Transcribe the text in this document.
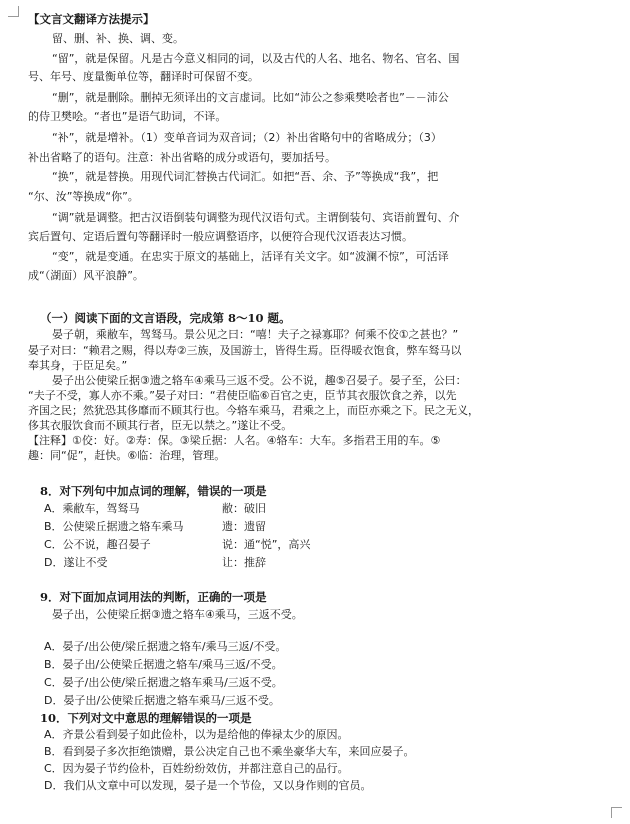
【文言文翻译方法提示】
留、删、补、换、调、变。
“留”，就是保留。凡是古今意义相同的词，以及古代的人名、地名、物名、官名、国
号、年号、度量衡单位等，翻译时可保留不变。
“删”，就是删除。删掉无须译出的文言虚词。比如“沛公之参乘樊哙者也”－－沛公
的侍卫樊哙。“者也”是语气助词，不译。
“补”，就是增补。（1）变单音词为双音词；（2）补出省略句中的省略成分；（3）
补出省略了的语句。注意：补出省略的成分或语句，要加括号。
“换”，就是替换。用现代词汇替换古代词汇。如把“吾、余、予”等换成“我”，把
“尔、汝”等换成“你”。
“调”就是调整。把古汉语倒装句调整为现代汉语句式。主谓倒装句、宾语前置句、介
宾后置句、定语后置句等翻译时一般应调整语序，以便符合现代汉语表达习惯。
“变”，就是变通。在忠实于原文的基础上，活译有关文字。如“波澜不惊”，可活译
成“（湖面）风平浪静”。
（一）阅读下面的文言语段，完成第 8～10 题。
晏子朝，乘敝车，驾驽马。景公见之曰：“嘻！夫子之禄寡耶？何乘不佼①之甚也？”
晏子对曰：“赖君之赐，得以寿②三族，及国游士，皆得生焉。臣得暖衣饱食，弊车驽马以
奉其身，于臣足矣。”
晏子出公使梁丘据③遗之辂车④乘马三返不受。公不说，趣⑤召晏子。晏子至，公曰：
“夫子不受，寡人亦不乘。”晏子对曰：“君使臣临⑥百官之吏，臣节其衣服饮食之养，以先
齐国之民；然犹恐其侈靡而不顾其行也。今辂车乘马，君乘之上，而臣亦乘之下。民之无义，
侈其衣服饮食而不顾其行者，臣无以禁之。”遂让不受。
【注释】①佼：好。②寿：保。③梁丘据：人名。④辂车：大车。多指君王用的车。⑤
趣：同“促”，赶快。⑥临：治理，管理。
8．对下列句中加点词的理解，错误的一项是
A．乘敝车，驾驽马	敝：破旧
B．公使梁丘据遗之辂车乘马	遗：遗留
C．公不说，趣召晏子	说：通“悦”，高兴
D．遂让不受	让：推辞
9．对下面加点词用法的判断，正确的一项是
晏子出，公使梁丘据③遗之辂车④乘马，三返不受。
A．晏子/出公使/梁丘据遗之辂车/乘马三返/不受。
B．晏子出/公使梁丘据遗之辂车/乘马三返/不受。
C．晏子/出公使/梁丘据遗之辂车乘马/三返不受。
D．晏子出/公使梁丘据遗之辂车乘马/三返不受。
10．下列对文中意思的理解错误的一项是
A．齐景公看到晏子如此俭朴，以为是给他的俸禄太少的原因。
B．看到晏子多次拒绝馈赠，景公决定自己也不乘坐豪华大车，来回应晏子。
C．因为晏子节约俭朴，百姓纷纷效仿，并都注意自己的品行。
D．我们从文章中可以发现，晏子是一个节俭，又以身作则的官员。
